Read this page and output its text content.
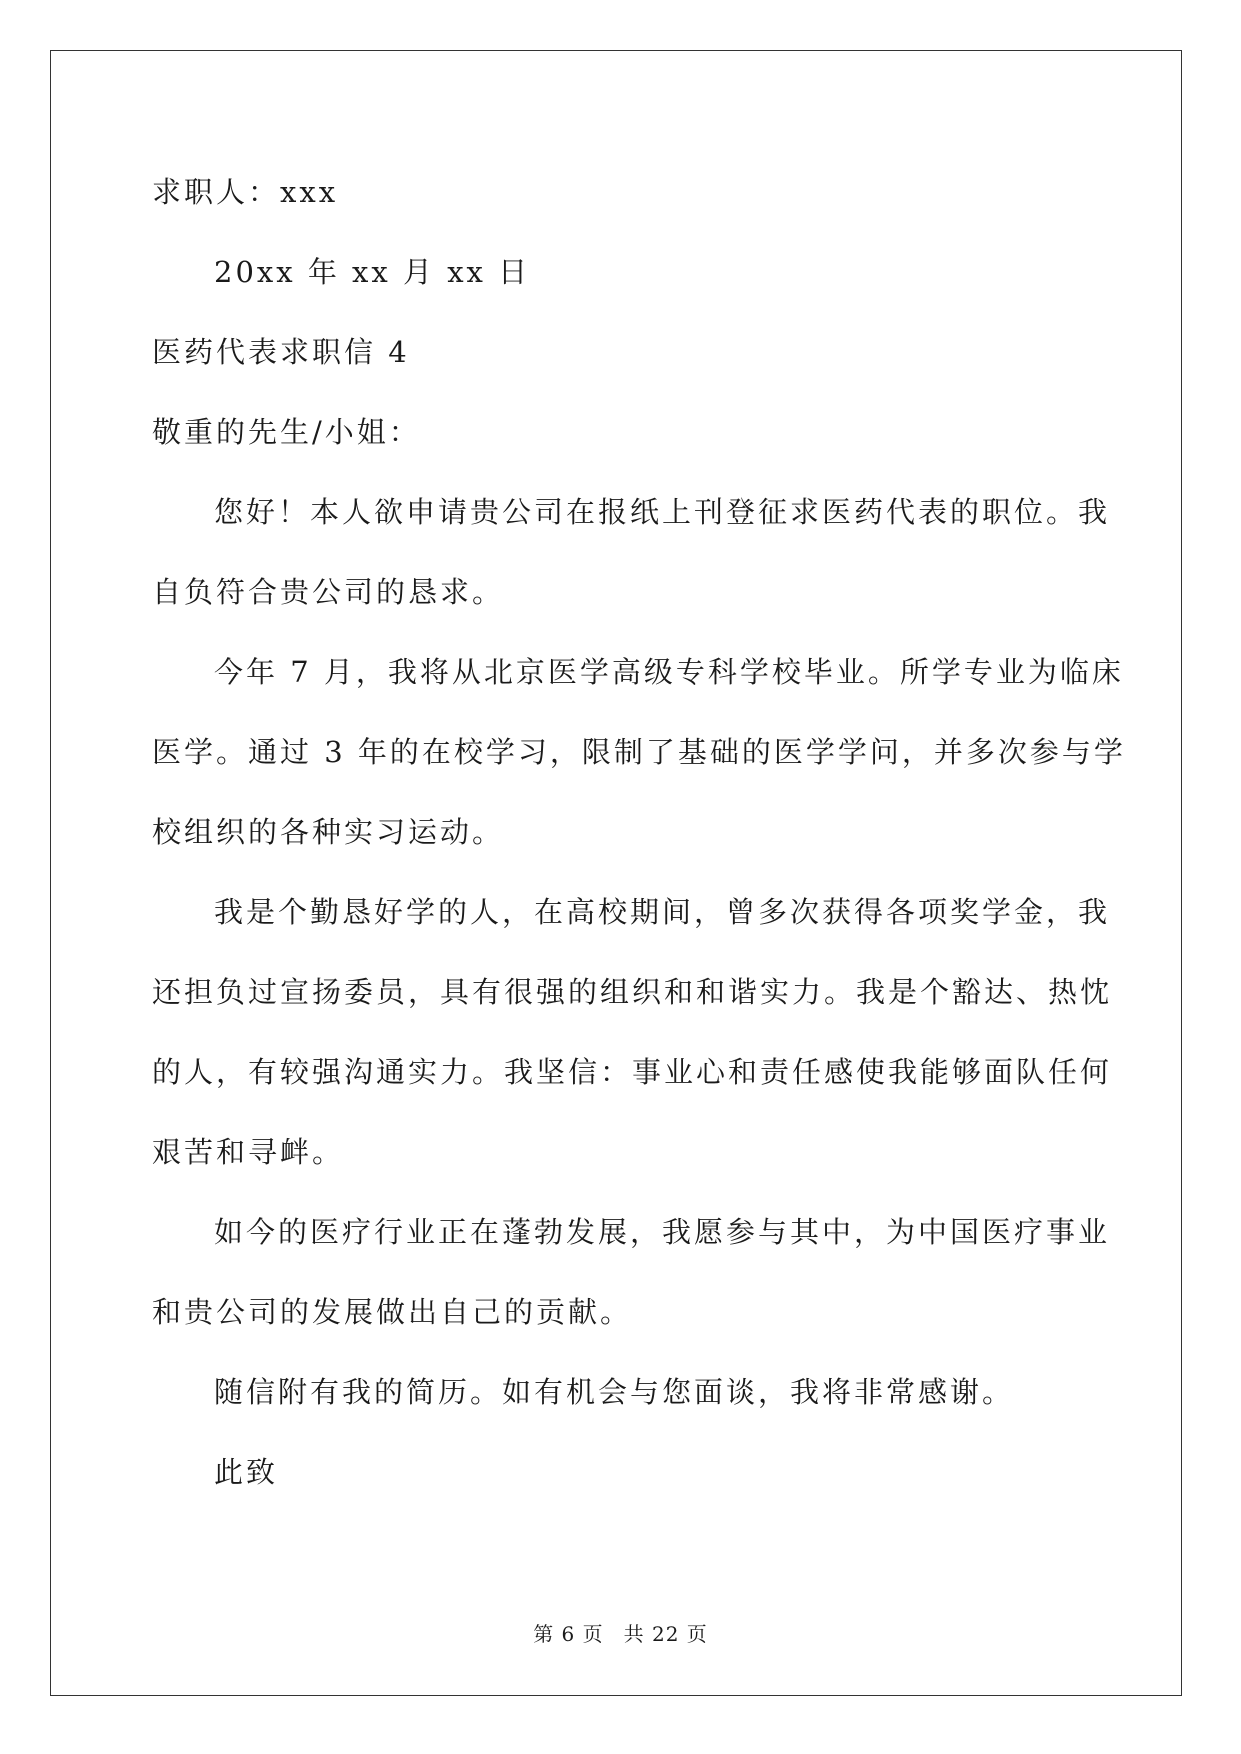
求职人：xxx
20xx 年 xx 月 xx 日
医药代表求职信 4
敬重的先生/小姐：
您好！本人欲申请贵公司在报纸上刊登征求医药代表的职位。我
自负符合贵公司的恳求。
今年 7 月，我将从北京医学高级专科学校毕业。所学专业为临床
医学。通过 3 年的在校学习，限制了基础的医学学问，并多次参与学
校组织的各种实习运动。
我是个勤恳好学的人，在高校期间，曾多次获得各项奖学金，我
还担负过宣扬委员，具有很强的组织和和谐实力。我是个豁达、热忱
的人，有较强沟通实力。我坚信：事业心和责任感使我能够面队任何
艰苦和寻衅。
如今的医疗行业正在蓬勃发展，我愿参与其中，为中国医疗事业
和贵公司的发展做出自己的贡献。
随信附有我的简历。如有机会与您面谈，我将非常感谢。
此致
第 6 页 共 22 页
